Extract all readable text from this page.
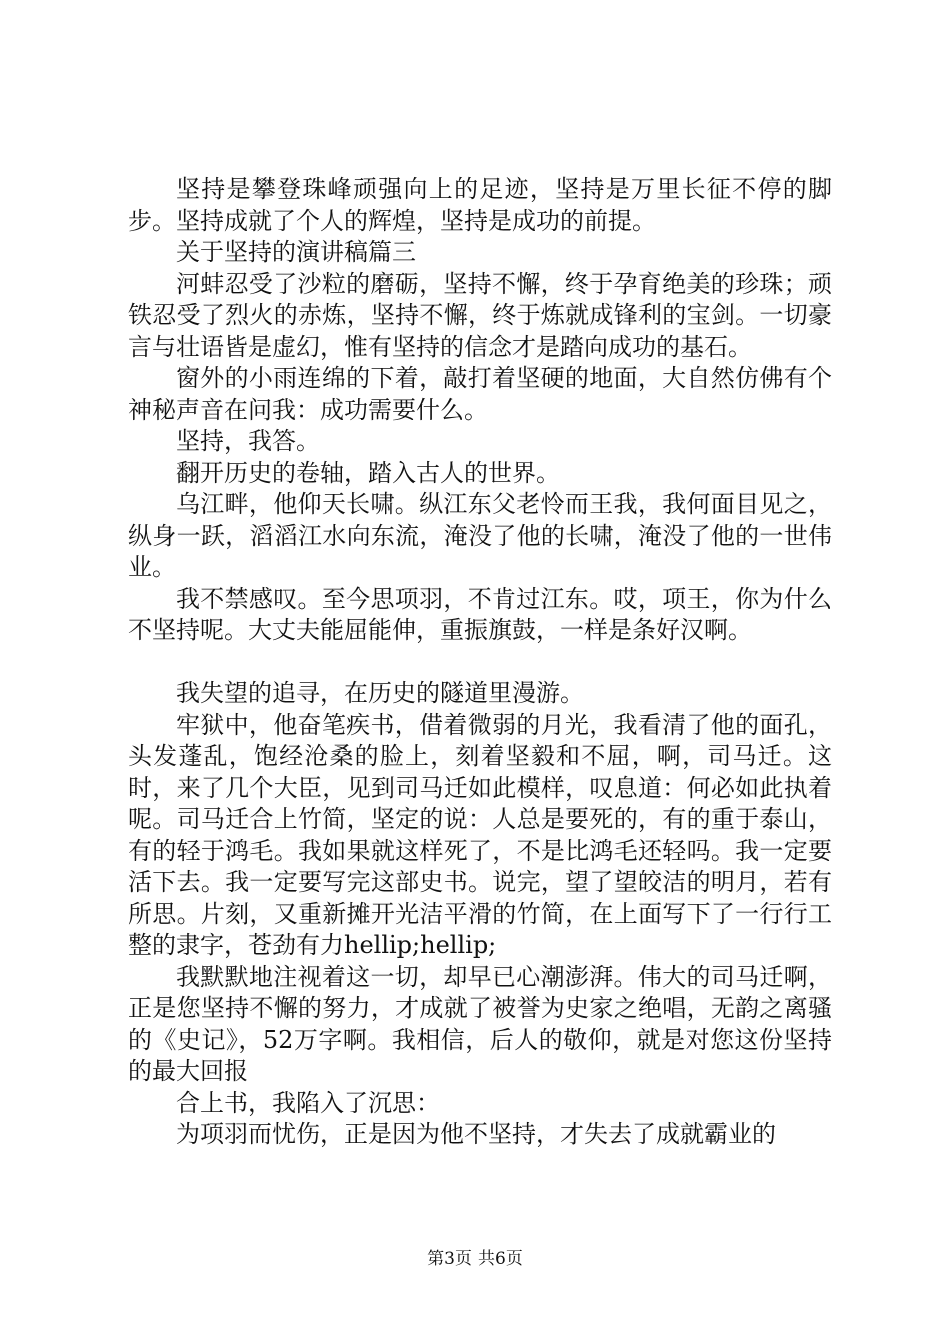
坚持是攀登珠峰顽强向上的足迹，坚持是万里长征不停的脚步。坚持成就了个人的辉煌，坚持是成功的前提。

关于坚持的演讲稿篇三

河蚌忍受了沙粒的磨砺，坚持不懈，终于孕育绝美的珍珠；顽铁忍受了烈火的赤炼，坚持不懈，终于炼就成锋利的宝剑。一切豪言与壮语皆是虚幻，惟有坚持的信念才是踏向成功的基石。

窗外的小雨连绵的下着，敲打着坚硬的地面，大自然仿佛有个神秘声音在问我：成功需要什么。

坚持，我答。

翻开历史的卷轴，踏入古人的世界。

乌江畔，他仰天长啸。纵江东父老怜而王我，我何面目见之，纵身一跃，滔滔江水向东流，淹没了他的长啸，淹没了他的一世伟业。

我不禁感叹。至今思项羽，不肯过江东。哎，项王，你为什么不坚持呢。大丈夫能屈能伸，重振旗鼓，一样是条好汉啊。

我失望的追寻，在历史的隧道里漫游。

牢狱中，他奋笔疾书，借着微弱的月光，我看清了他的面孔，头发蓬乱，饱经沧桑的脸上，刻着坚毅和不屈，啊，司马迁。这时，来了几个大臣，见到司马迁如此模样，叹息道：何必如此执着呢。司马迁合上竹简，坚定的说：人总是要死的，有的重于泰山，有的轻于鸿毛。我如果就这样死了，不是比鸿毛还轻吗。我一定要活下去。我一定要写完这部史书。说完，望了望皎洁的明月，若有所思。片刻，又重新摊开光洁平滑的竹简，在上面写下了一行行工整的隶字，苍劲有力hellip;hellip;

我默默地注视着这一切，却早已心潮澎湃。伟大的司马迁啊，正是您坚持不懈的努力，才成就了被誉为史家之绝唱，无韵之离骚的《史记》，52万字啊。我相信，后人的敬仰，就是对您这份坚持的最大回报

合上书，我陷入了沉思：

为项羽而忧伤，正是因为他不坚持，才失去了成就霸业的

第3页 共6页
